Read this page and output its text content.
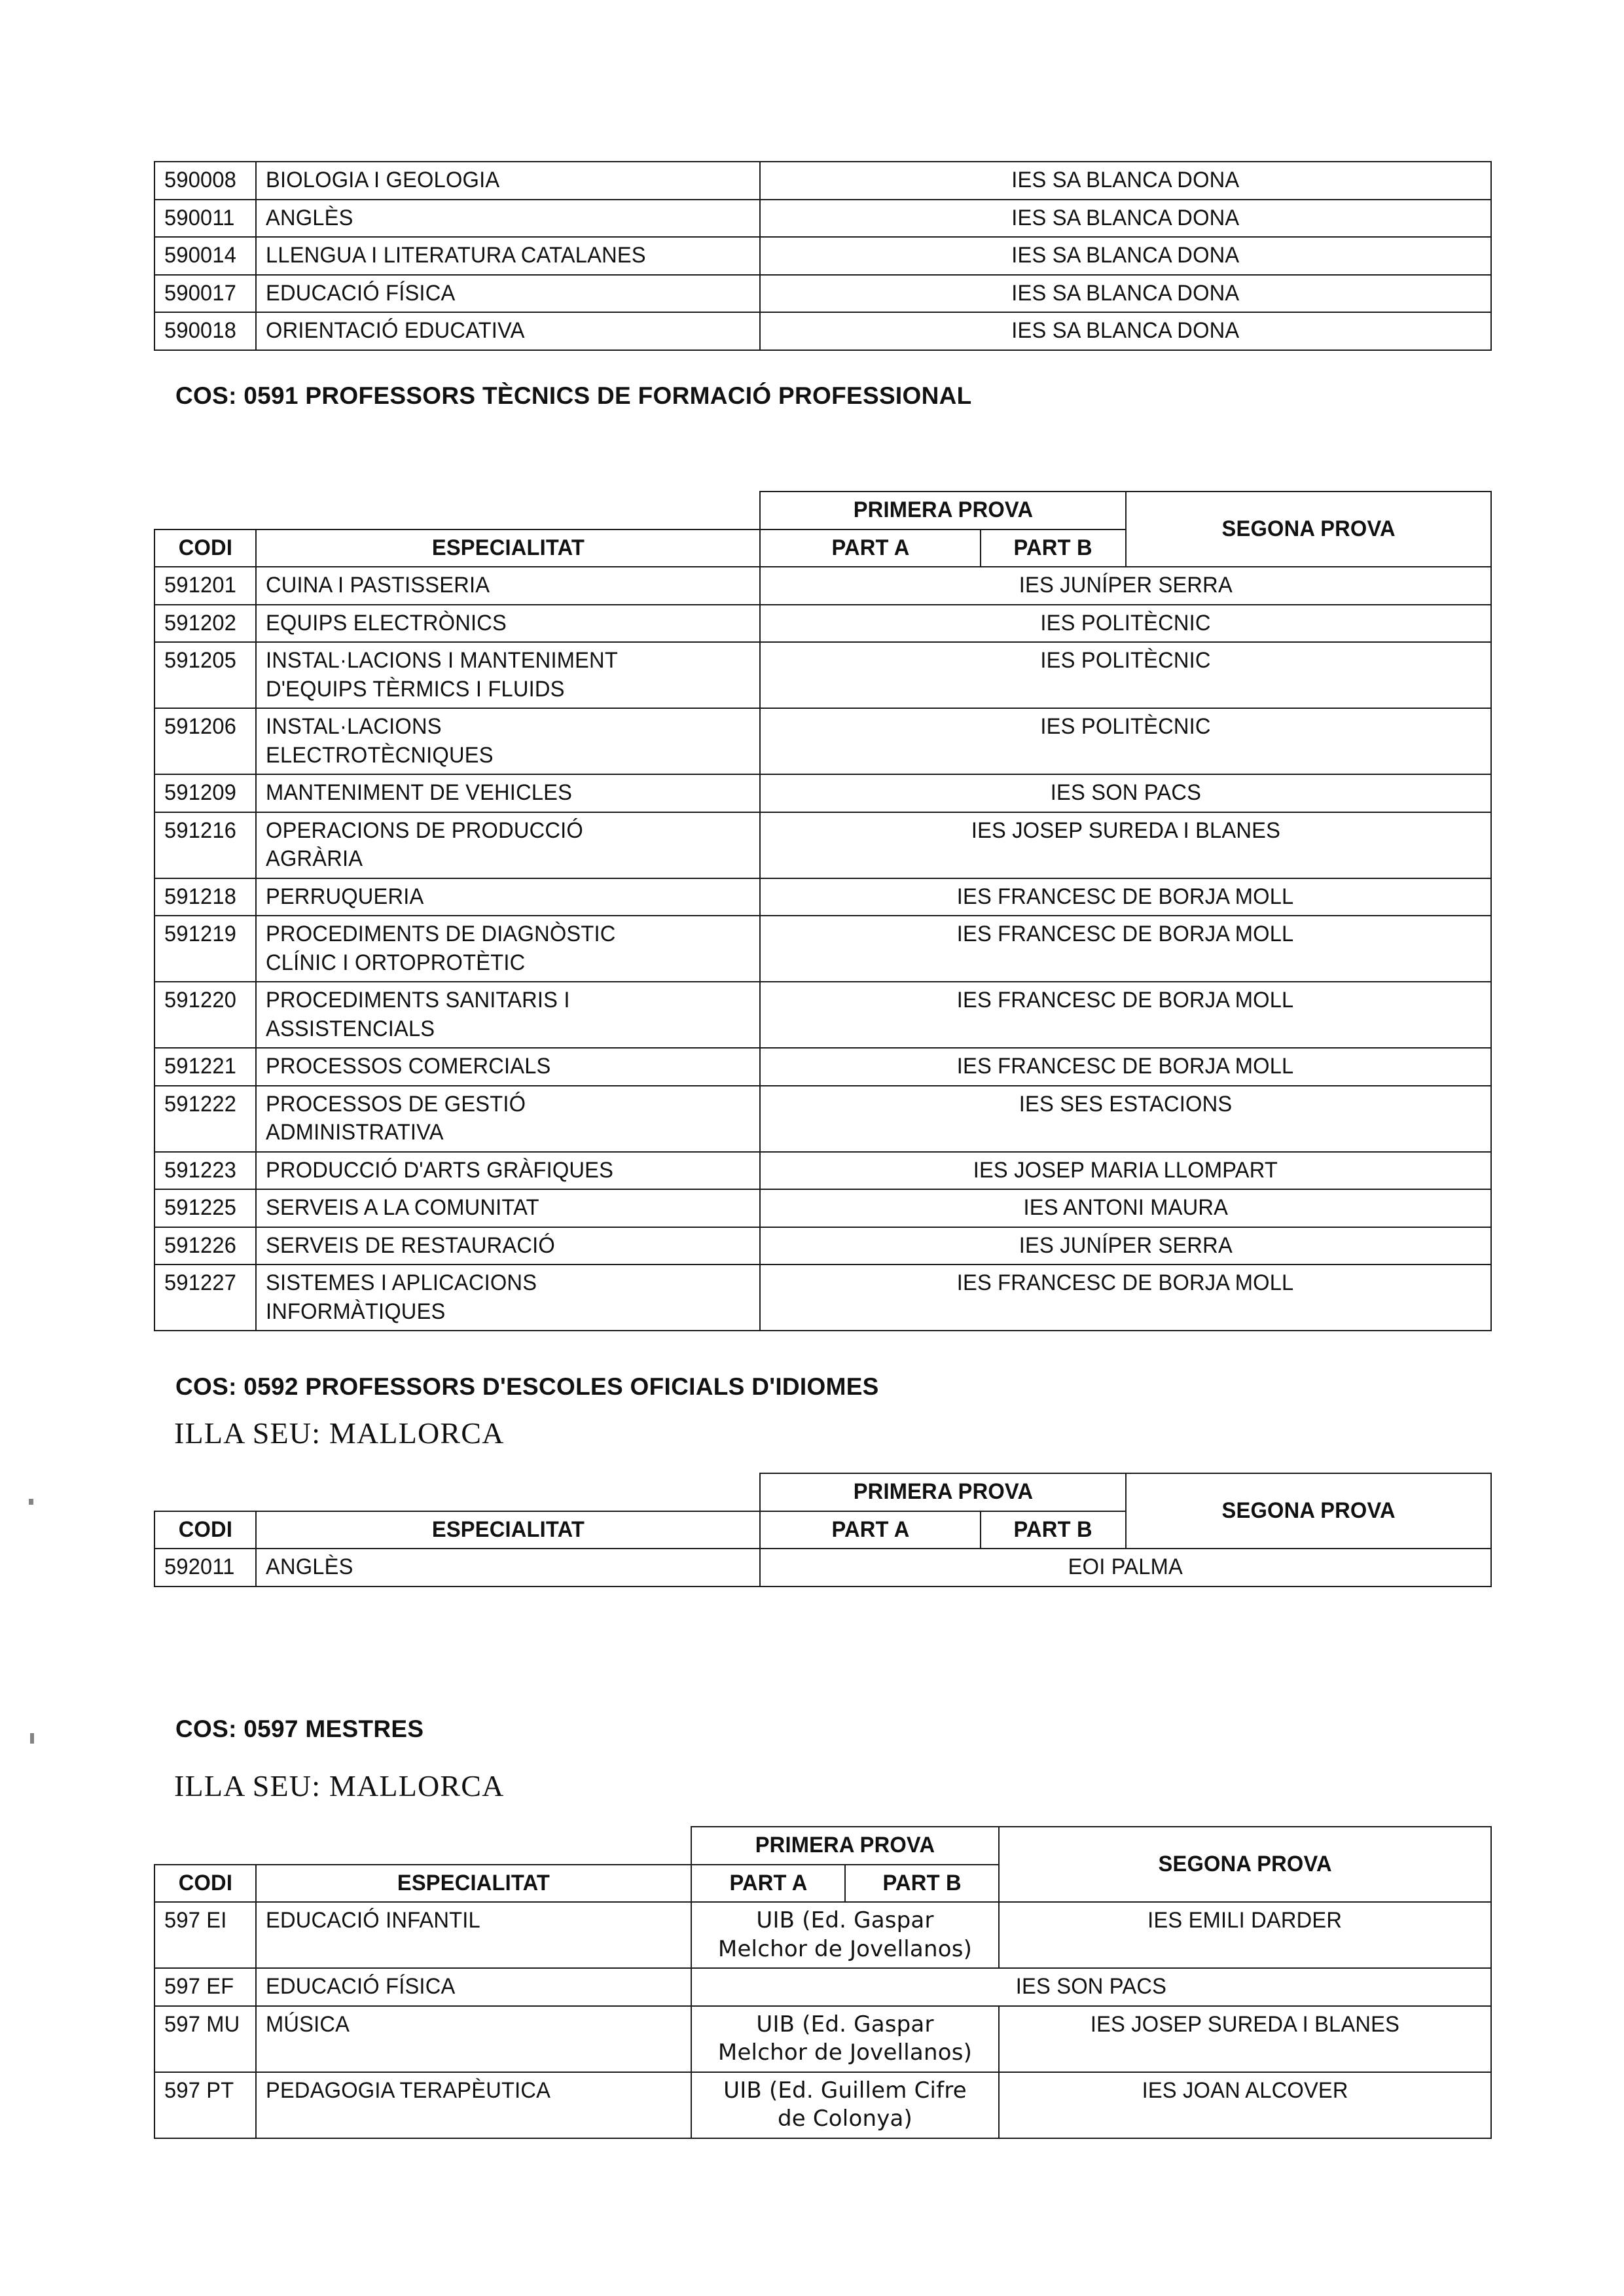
590008	BIOLOGIA I GEOLOGIA	IES SA BLANCA DONA
590011	ANGLÈS	IES SA BLANCA DONA
590014	LLENGUA I LITERATURA CATALANES	IES SA BLANCA DONA
590017	EDUCACIÓ FÍSICA	IES SA BLANCA DONA
590018	ORIENTACIÓ EDUCATIVA	IES SA BLANCA DONA
COS: 0591 PROFESSORS TÈCNICS DE FORMACIÓ PROFESSIONAL
		PRIMERA PROVA		SEGONA PROVA
CODI	ESPECIALITAT	PART A	PART B	
591201	CUINA I PASTISSERIA	IES JUNÍPER SERRA		
591202	EQUIPS ELECTRÒNICS	IES POLITÈCNIC		
591205	INSTAL·LACIONS I MANTENIMENT
D'EQUIPS TÈRMICS I FLUIDS	IES POLITÈCNIC		
591206	INSTAL·LACIONS
ELECTROTÈCNIQUES	IES POLITÈCNIC		
591209	MANTENIMENT DE VEHICLES	IES SON PACS		
591216	OPERACIONS DE PRODUCCIÓ
AGRÀRIA	IES JOSEP SUREDA I BLANES		
591218	PERRUQUERIA	IES FRANCESC DE BORJA MOLL		
591219	PROCEDIMENTS DE DIAGNÒSTIC
CLÍNIC I ORTOPROTÈTIC	IES FRANCESC DE BORJA MOLL		
591220	PROCEDIMENTS SANITARIS I
ASSISTENCIALS	IES FRANCESC DE BORJA MOLL		
591221	PROCESSOS COMERCIALS	IES FRANCESC DE BORJA MOLL		
591222	PROCESSOS DE GESTIÓ
ADMINISTRATIVA	IES SES ESTACIONS		
591223	PRODUCCIÓ D'ARTS GRÀFIQUES	IES JOSEP MARIA LLOMPART		
591225	SERVEIS A LA COMUNITAT	IES ANTONI MAURA		
591226	SERVEIS DE RESTAURACIÓ	IES JUNÍPER SERRA		
591227	SISTEMES I APLICACIONS
INFORMÀTIQUES	IES FRANCESC DE BORJA MOLL		
COS: 0592 PROFESSORS D'ESCOLES OFICIALS D'IDIOMES
ILLA SEU: MALLORCA
		PRIMERA PROVA		SEGONA PROVA
CODI	ESPECIALITAT	PART A	PART B	
592011	ANGLÈS	EOI PALMA		
COS: 0597 MESTRES
ILLA SEU: MALLORCA
		PRIMERA PROVA		SEGONA PROVA
CODI	ESPECIALITAT	PART A	PART B	
597 EI	EDUCACIÓ INFANTIL	UIB (Ed. Gaspar
Melchor de Jovellanos)		IES EMILI DARDER
597 EF	EDUCACIÓ FÍSICA	IES SON PACS		
597 MU	MÚSICA	UIB (Ed. Gaspar
Melchor de Jovellanos)		IES JOSEP SUREDA I BLANES
597 PT	PEDAGOGIA TERAPÈUTICA	UIB (Ed. Guillem Cifre
de Colonya)		IES JOAN ALCOVER
